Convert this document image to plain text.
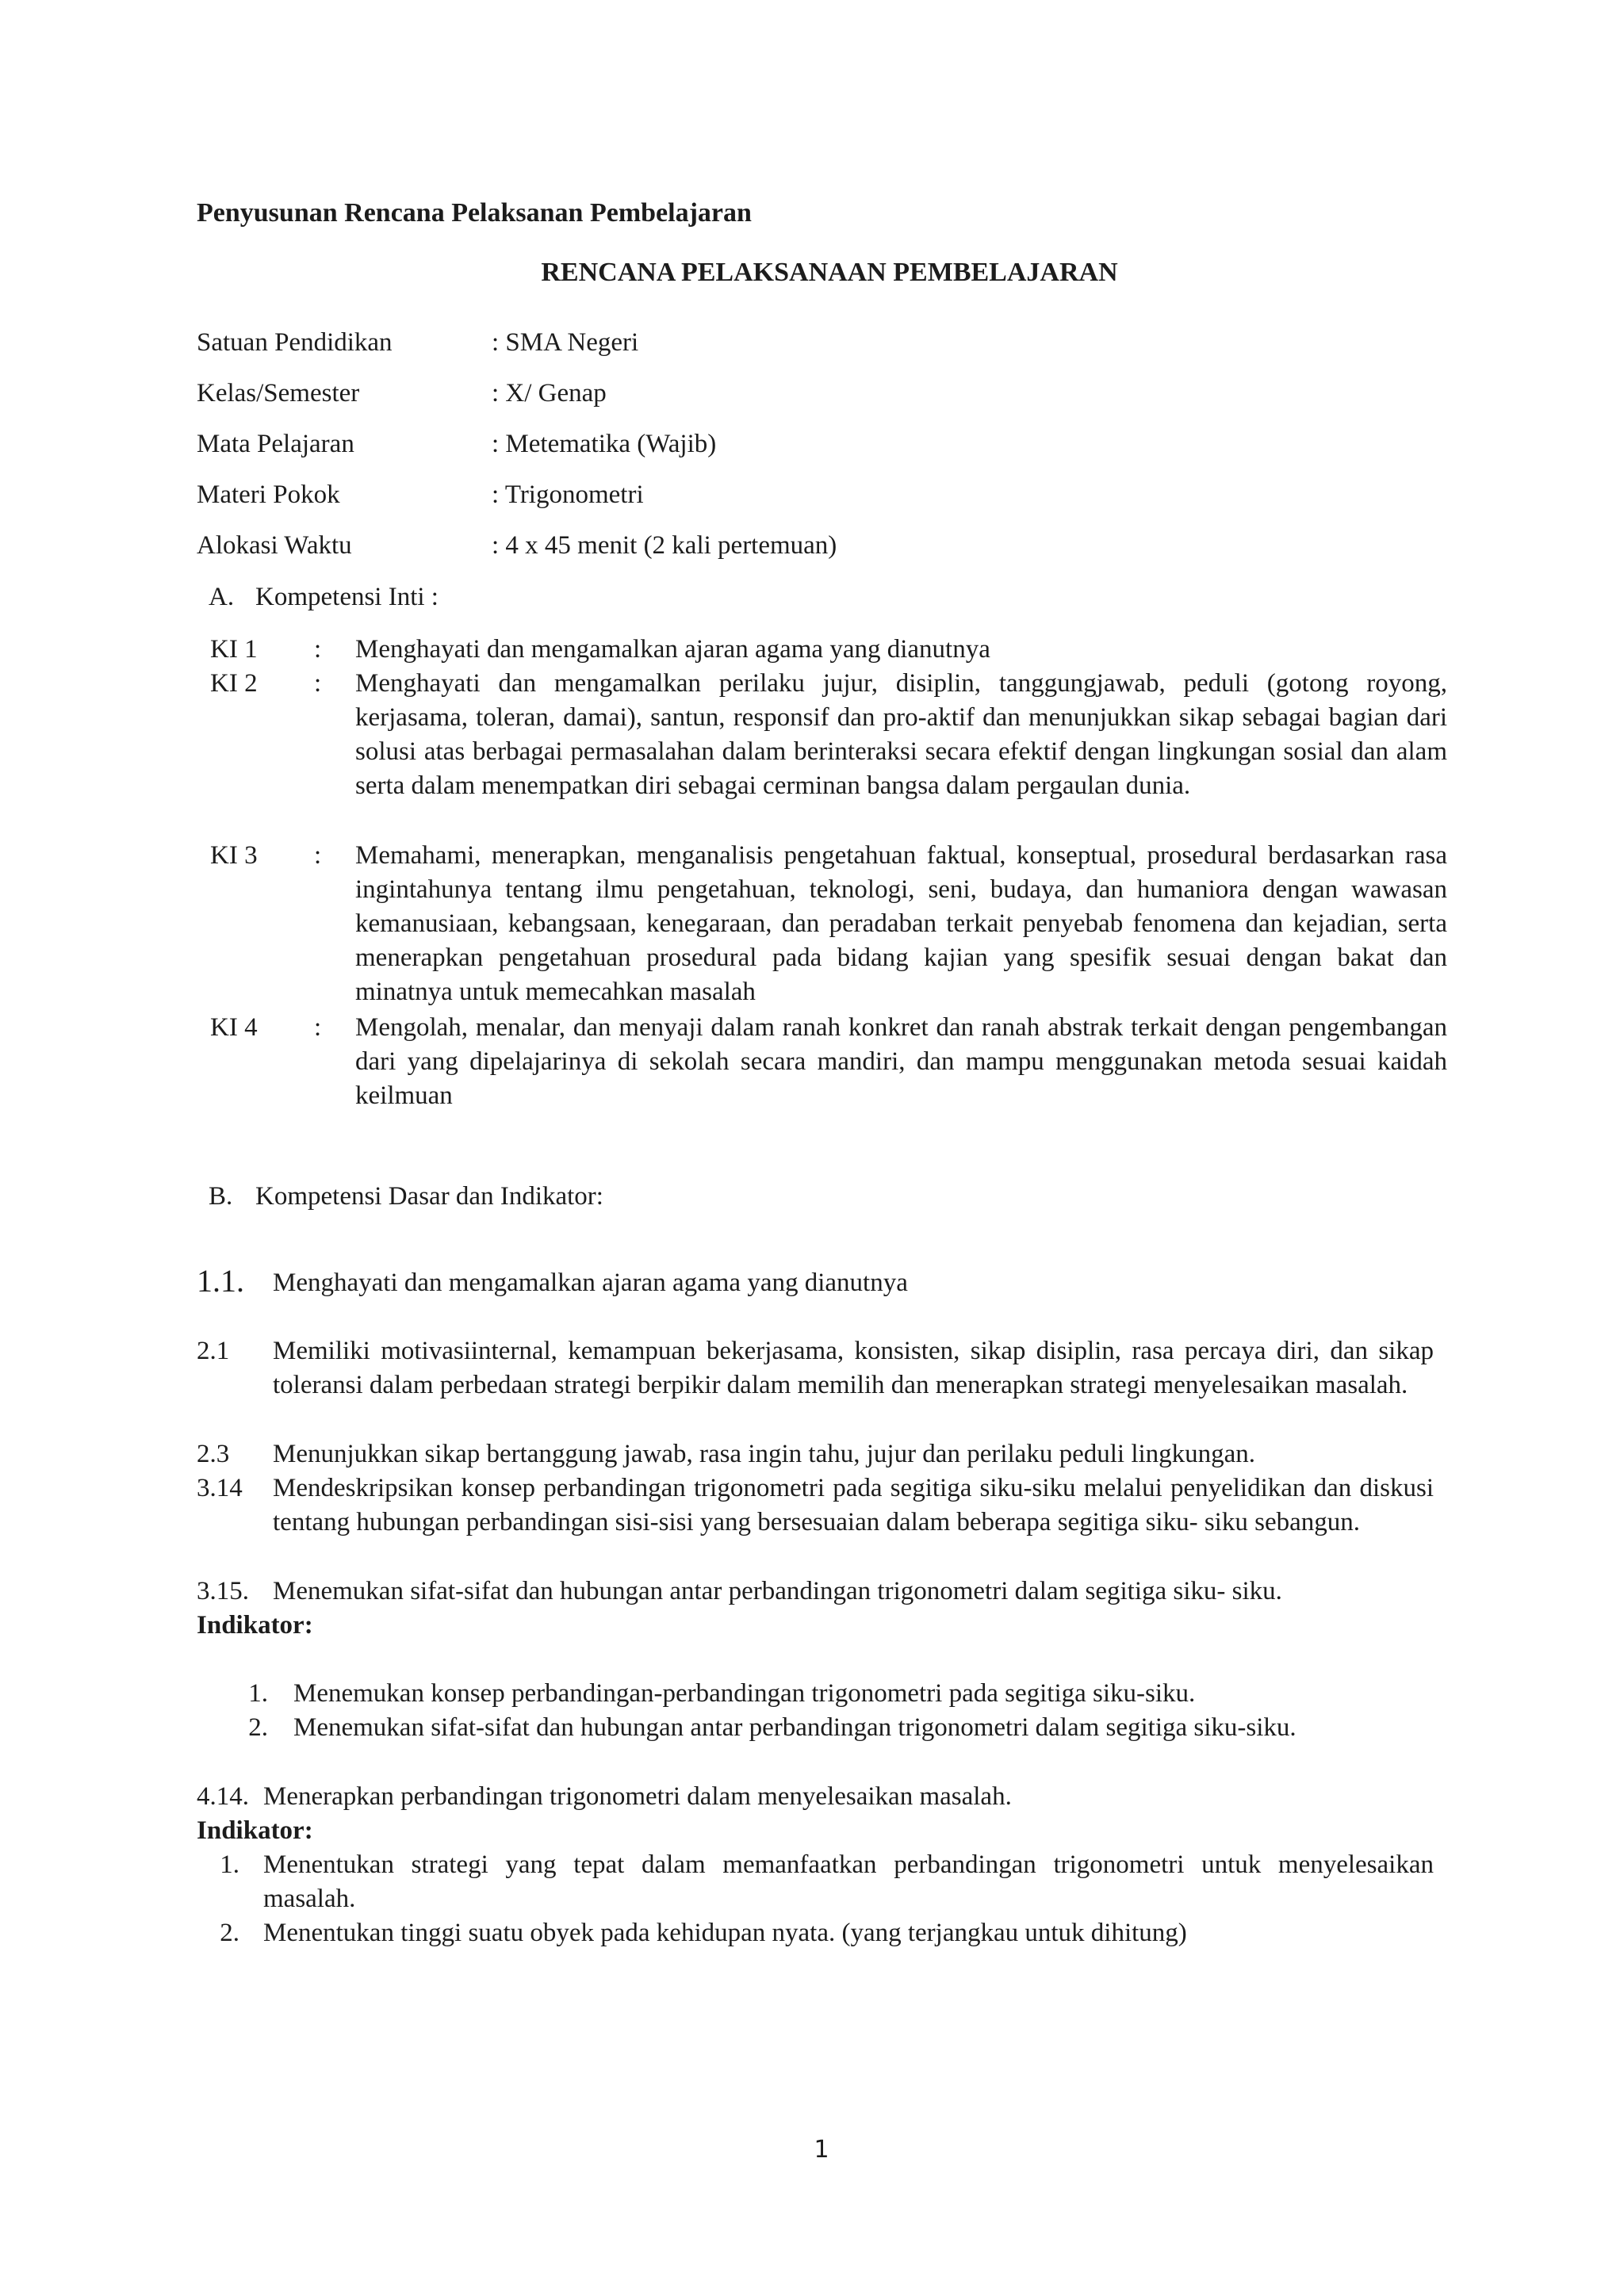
Penyusunan Rencana Pelaksanan Pembelajaran
RENCANA PELAKSANAAN PEMBELAJARAN
Satuan Pendidikan	: SMA Negeri
Kelas/Semester	: X/ Genap
Mata Pelajaran	: Metematika (Wajib)
Materi Pokok	: Trigonometri
Alokasi Waktu	: 4 x 45 menit (2 kali pertemuan)
A. Kompetensi Inti :
KI 1 : Menghayati dan mengamalkan ajaran agama yang dianutnya
KI 2 : Menghayati dan mengamalkan perilaku jujur, disiplin, tanggungjawab, peduli (gotong royong, kerjasama, toleran, damai), santun, responsif dan pro-aktif dan menunjukkan sikap sebagai bagian dari solusi atas berbagai permasalahan dalam berinteraksi secara efektif dengan lingkungan sosial dan alam serta dalam menempatkan diri sebagai cerminan bangsa dalam pergaulan dunia.
KI 3 : Memahami, menerapkan, menganalisis pengetahuan faktual, konseptual, prosedural berdasarkan rasa ingintahunya tentang ilmu pengetahuan, teknologi, seni, budaya, dan humaniora dengan wawasan kemanusiaan, kebangsaan, kenegaraan, dan peradaban terkait penyebab fenomena dan kejadian, serta menerapkan pengetahuan prosedural pada bidang kajian yang spesifik sesuai dengan bakat dan minatnya untuk memecahkan masalah
KI 4 : Mengolah, menalar, dan menyaji dalam ranah konkret dan ranah abstrak terkait dengan pengembangan dari yang dipelajarinya di sekolah secara mandiri, dan mampu menggunakan metoda sesuai kaidah keilmuan
B. Kompetensi Dasar dan Indikator:
1.1. Menghayati dan mengamalkan ajaran agama yang dianutnya
2.1 Memiliki motivasiinternal, kemampuan bekerjasama, konsisten, sikap disiplin, rasa percaya diri, dan sikap toleransi dalam perbedaan strategi berpikir dalam memilih dan menerapkan strategi menyelesaikan masalah.
2.3 Menunjukkan sikap bertanggung jawab, rasa ingin tahu, jujur dan perilaku peduli lingkungan.
3.14 Mendeskripsikan konsep perbandingan trigonometri pada segitiga siku-siku melalui penyelidikan dan diskusi tentang hubungan perbandingan sisi-sisi yang bersesuaian dalam beberapa segitiga siku- siku sebangun.
3.15. Menemukan sifat-sifat dan hubungan antar perbandingan trigonometri dalam segitiga siku- siku.
Indikator:
1. Menemukan konsep perbandingan-perbandingan trigonometri pada segitiga siku-siku.
2. Menemukan sifat-sifat dan hubungan antar perbandingan trigonometri dalam segitiga siku-siku.
4.14. Menerapkan perbandingan trigonometri dalam menyelesaikan masalah.
Indikator:
1. Menentukan strategi yang tepat dalam memanfaatkan perbandingan trigonometri untuk menyelesaikan masalah.
2. Menentukan tinggi suatu obyek pada kehidupan nyata. (yang terjangkau untuk dihitung)
1
